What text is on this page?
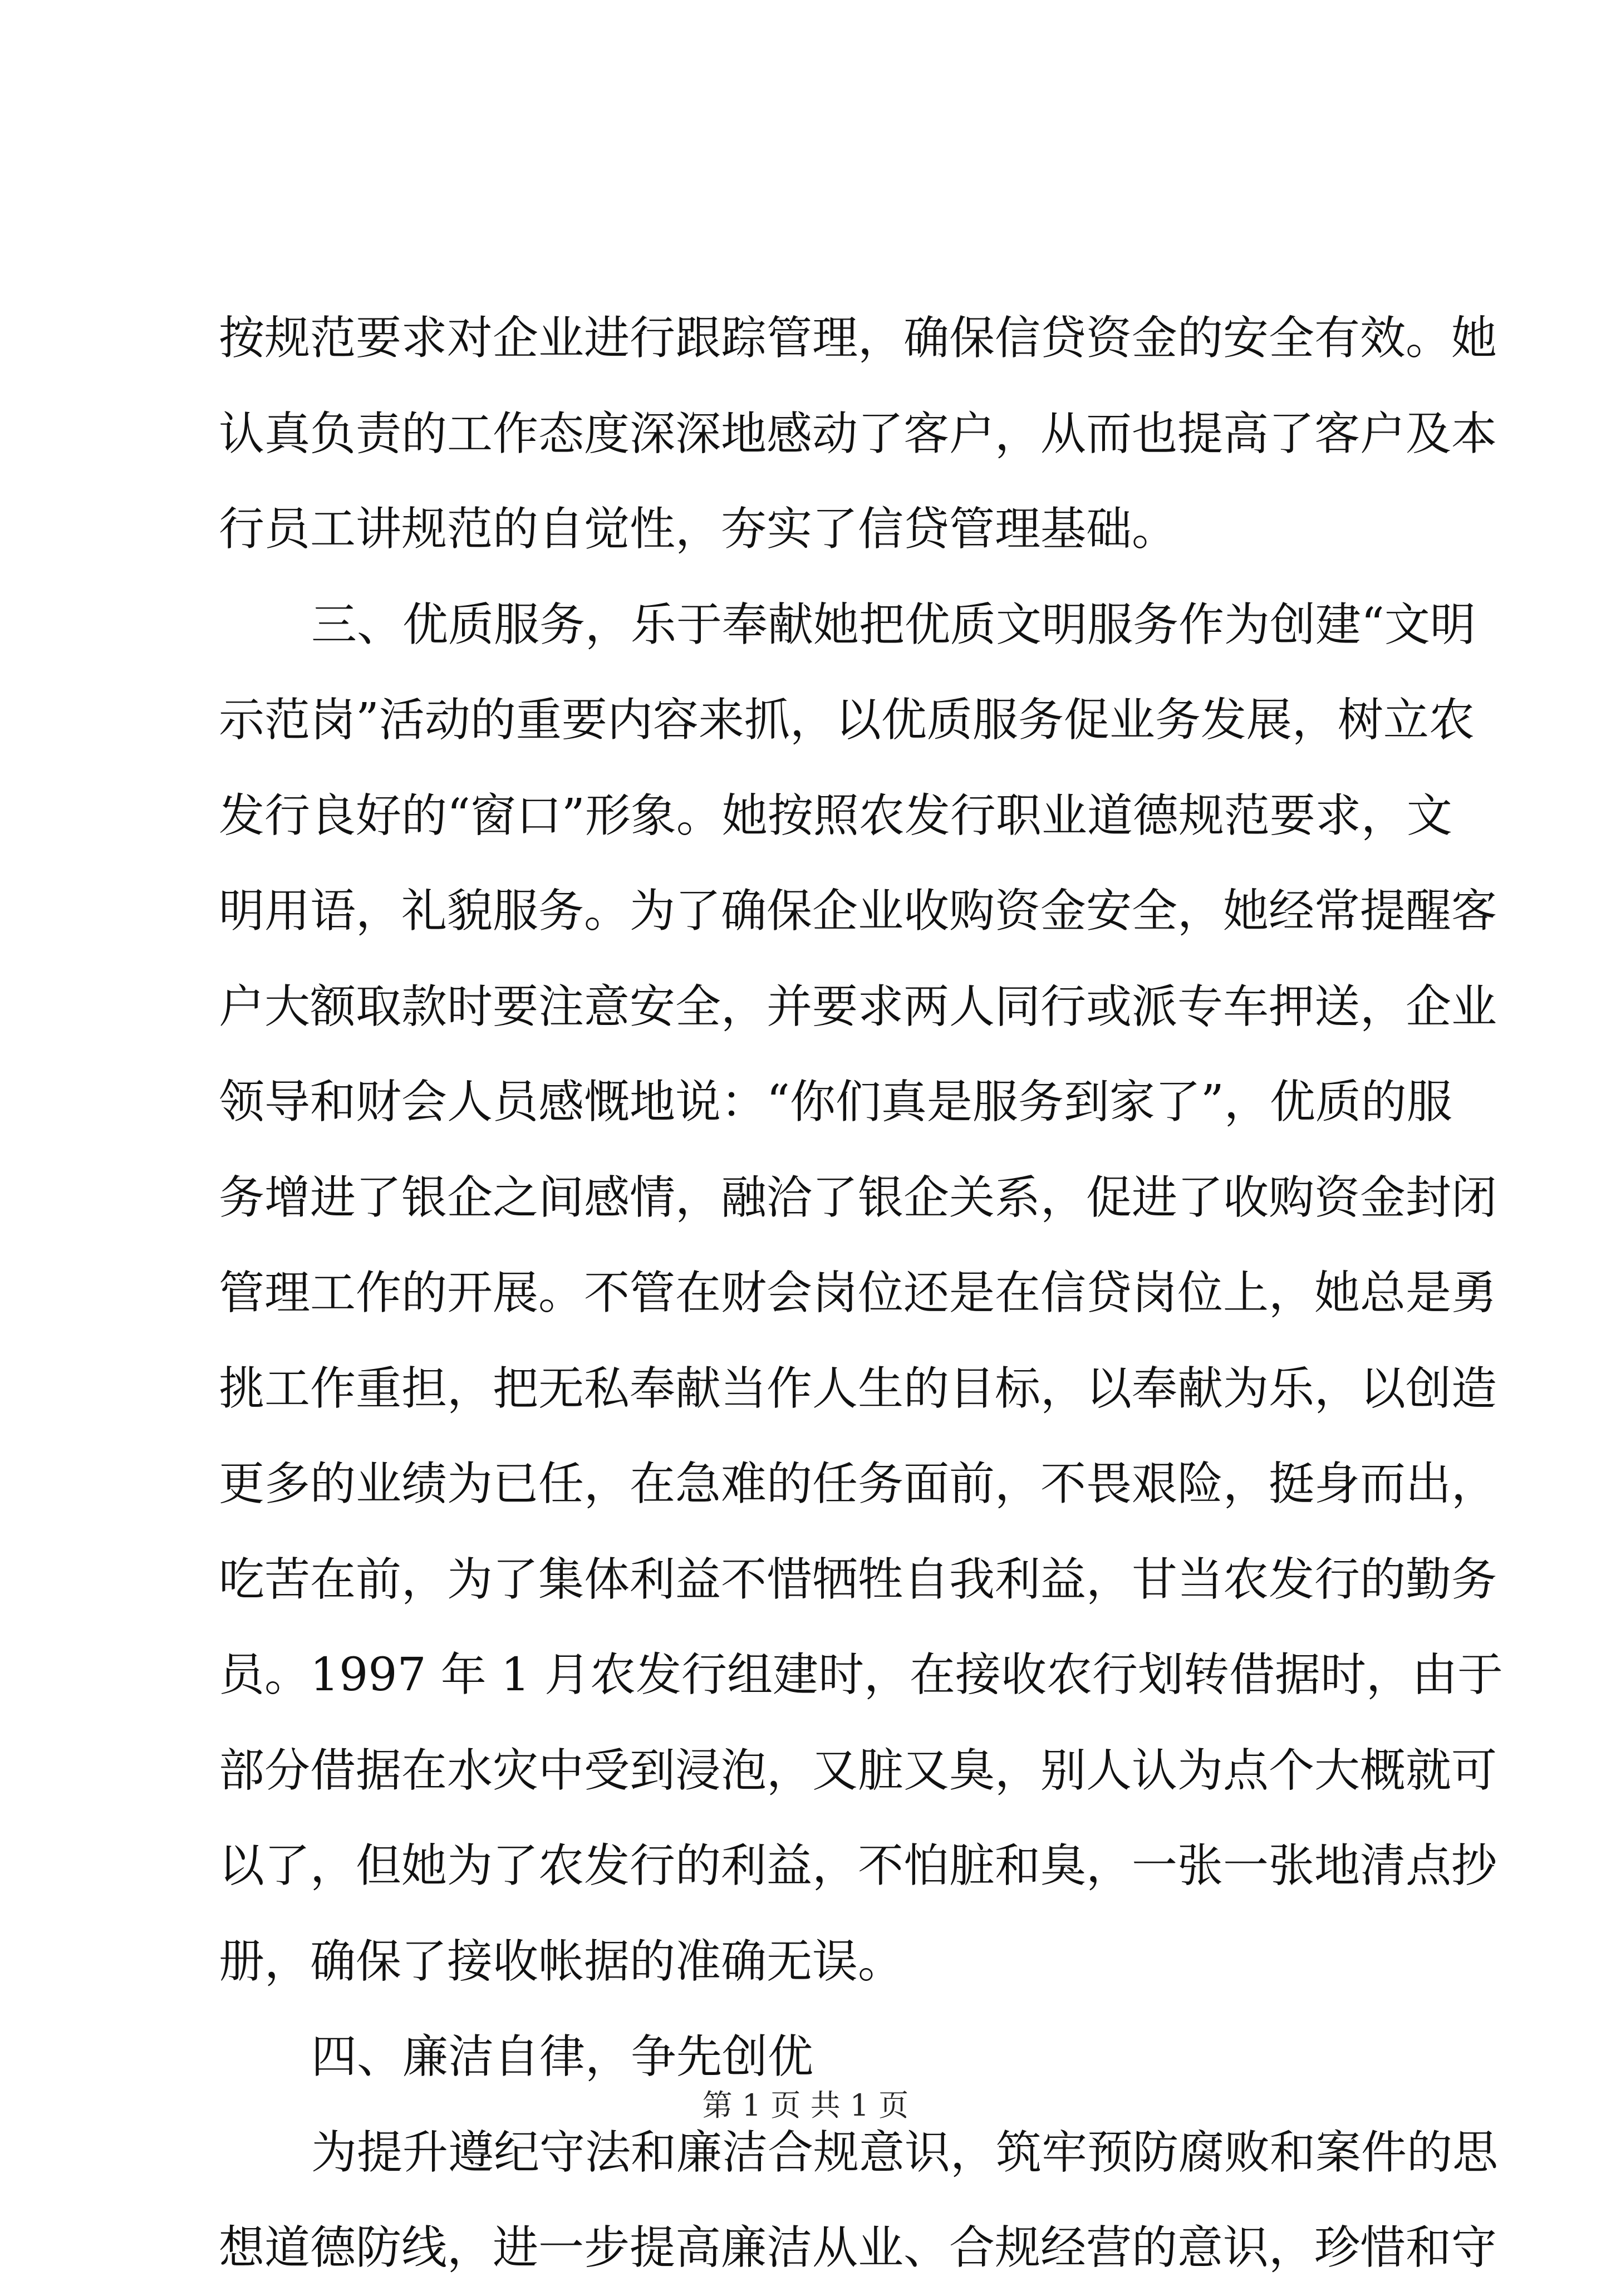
按规范要求对企业进行跟踪管理，确保信贷资金的安全有效。她
认真负责的工作态度深深地感动了客户，从而也提高了客户及本
行员工讲规范的自觉性，夯实了信贷管理基础。
三、优质服务，乐于奉献她把优质文明服务作为创建“文明
示范岗”活动的重要内容来抓，以优质服务促业务发展，树立农
发行良好的“窗口”形象。她按照农发行职业道德规范要求，文
明用语，礼貌服务。为了确保企业收购资金安全，她经常提醒客
户大额取款时要注意安全，并要求两人同行或派专车押送，企业
领导和财会人员感慨地说：“你们真是服务到家了”，优质的服
务增进了银企之间感情，融洽了银企关系，促进了收购资金封闭
管理工作的开展。不管在财会岗位还是在信贷岗位上，她总是勇
挑工作重担，把无私奉献当作人生的目标，以奉献为乐，以创造
更多的业绩为已任，在急难的任务面前，不畏艰险，挺身而出，
吃苦在前，为了集体利益不惜牺牲自我利益，甘当农发行的勤务
员。1997 年 1 月农发行组建时，在接收农行划转借据时，由于
部分借据在水灾中受到浸泡，又脏又臭，别人认为点个大概就可
以了，但她为了农发行的利益，不怕脏和臭，一张一张地清点抄
册，确保了接收帐据的准确无误。
四、廉洁自律，争先创优
为提升遵纪守法和廉洁合规意识，筑牢预防腐败和案件的思
想道德防线，进一步提高廉洁从业、合规经营的意识，珍惜和守
第 1 页 共 1 页
